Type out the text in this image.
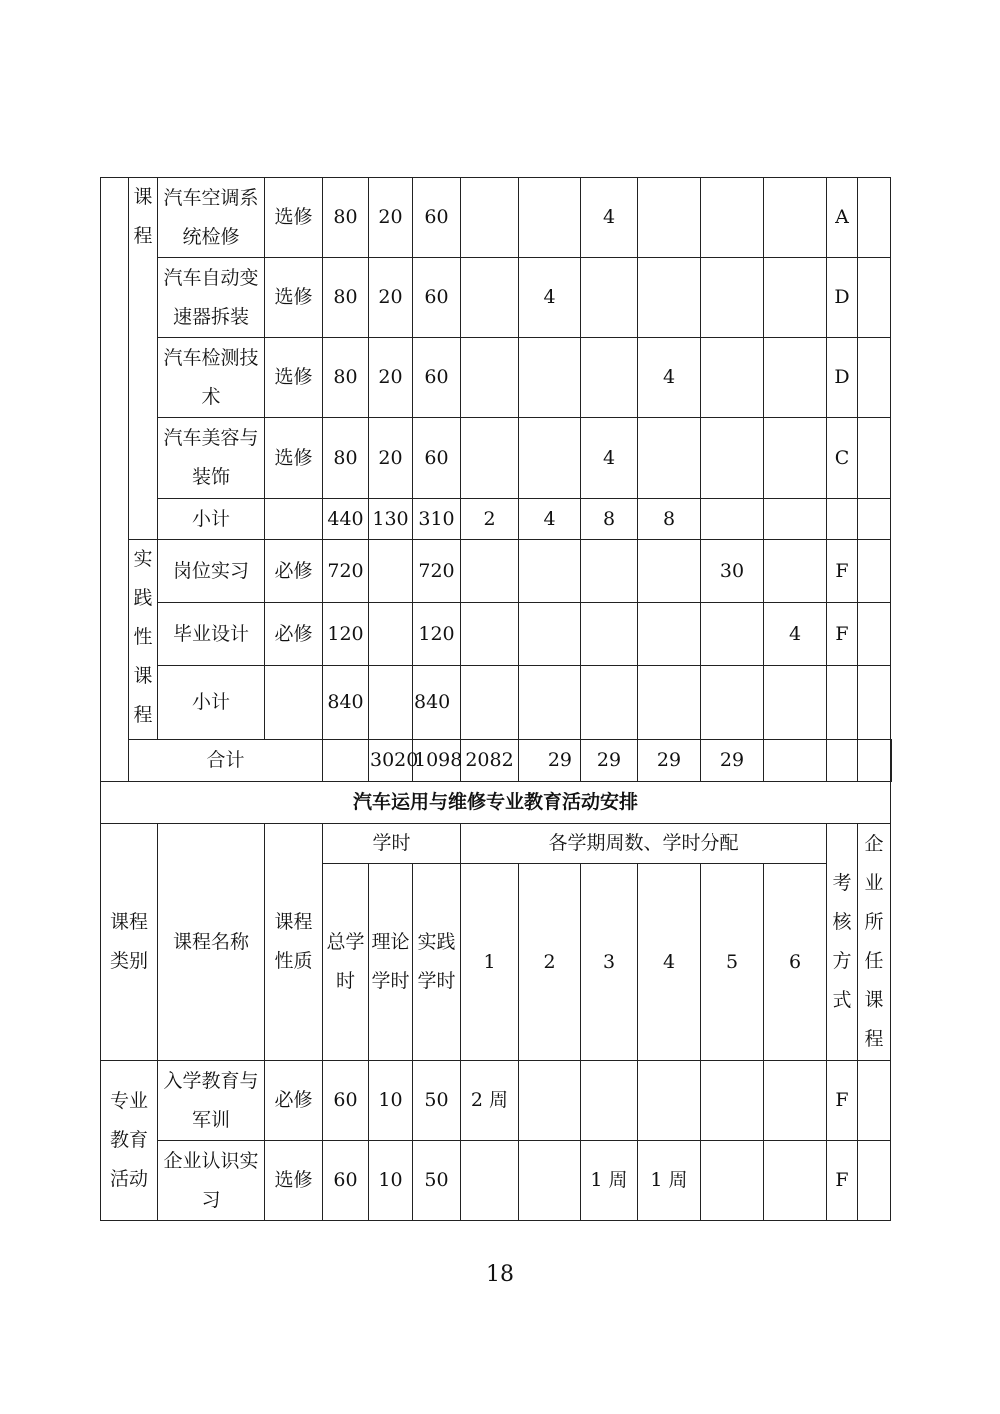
	课程	汽车空调系统检修	选修	80	20	60			4				A		
		汽车自动变速器拆装	选修	80	20	60		4					D		
		汽车检测技术	选修	80	20	60				4			D		
		汽车美容与装饰	选修	80	20	60			4				C		
		小计		440	130	310	2	4	8	8					

	实践性课程	岗位实习	必修	720		720					30		F		
		毕业设计	必修	120		120						4	F		
		小计		840		840									
	合计				3020	1098	2082	29	29	29	29				
汽车运用与维修专业教育活动安排															

课程类别		课程名称	课程性质	学时			各学期周数、学时分配						考核方式	企业所任课程	

				总学时	理论学时	实践学时	1	2	3	4	5	6			

专业教育活动		入学教育与军训	必修	60	10	50	2 周						F		
		企业认识实习	选修	60	10	50			1 周	1 周			F		
18
